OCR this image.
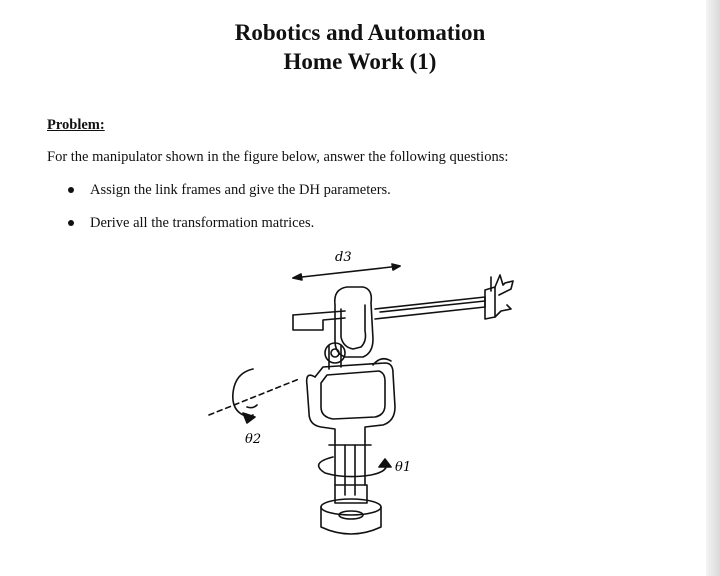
Robotics and Automation
Home Work (1)
Problem:
For the manipulator shown in the figure below, answer the following questions:
Assign the link frames and give the DH parameters.
Derive all the transformation matrices.
d3
θ2
θ1
